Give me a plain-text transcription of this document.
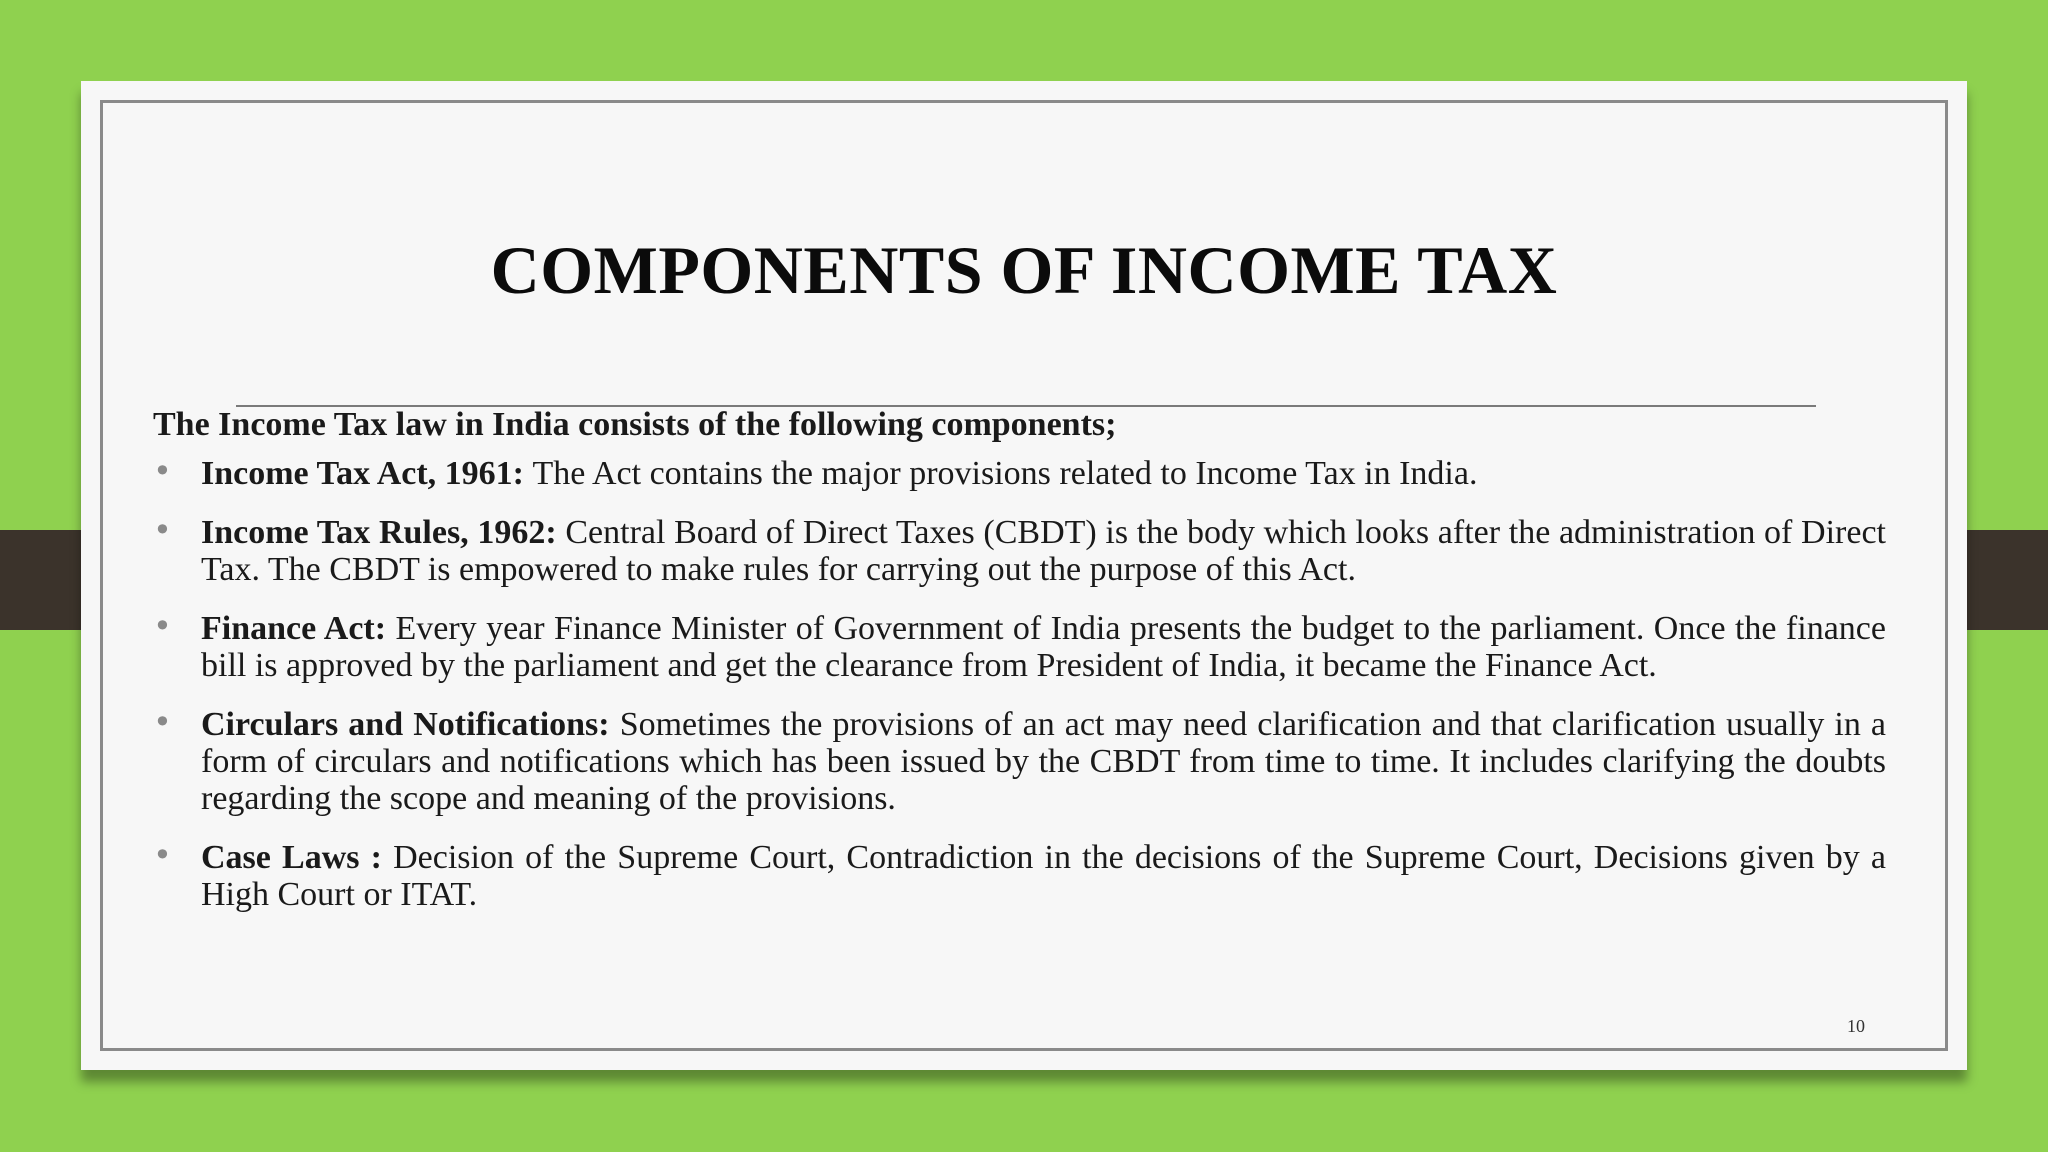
COMPONENTS OF INCOME TAX

The Income Tax law in India consists of the following components;

• Income Tax Act, 1961: The Act contains the major provisions related to Income Tax in India.
• Income Tax Rules, 1962: Central Board of Direct Taxes (CBDT) is the body which looks after the administration of Direct Tax. The CBDT is empowered to make rules for carrying out the purpose of this Act.
• Finance Act: Every year Finance Minister of Government of India presents the budget to the parliament. Once the finance bill is approved by the parliament and get the clearance from President of India, it became the Finance Act.
• Circulars and Notifications: Sometimes the provisions of an act may need clarification and that clarification usually in a form of circulars and notifications which has been issued by the CBDT from time to time. It includes clarifying the doubts regarding the scope and meaning of the provisions.
• Case Laws : Decision of the Supreme Court, Contradiction in the decisions of the Supreme Court, Decisions given by a High Court or ITAT.
10
